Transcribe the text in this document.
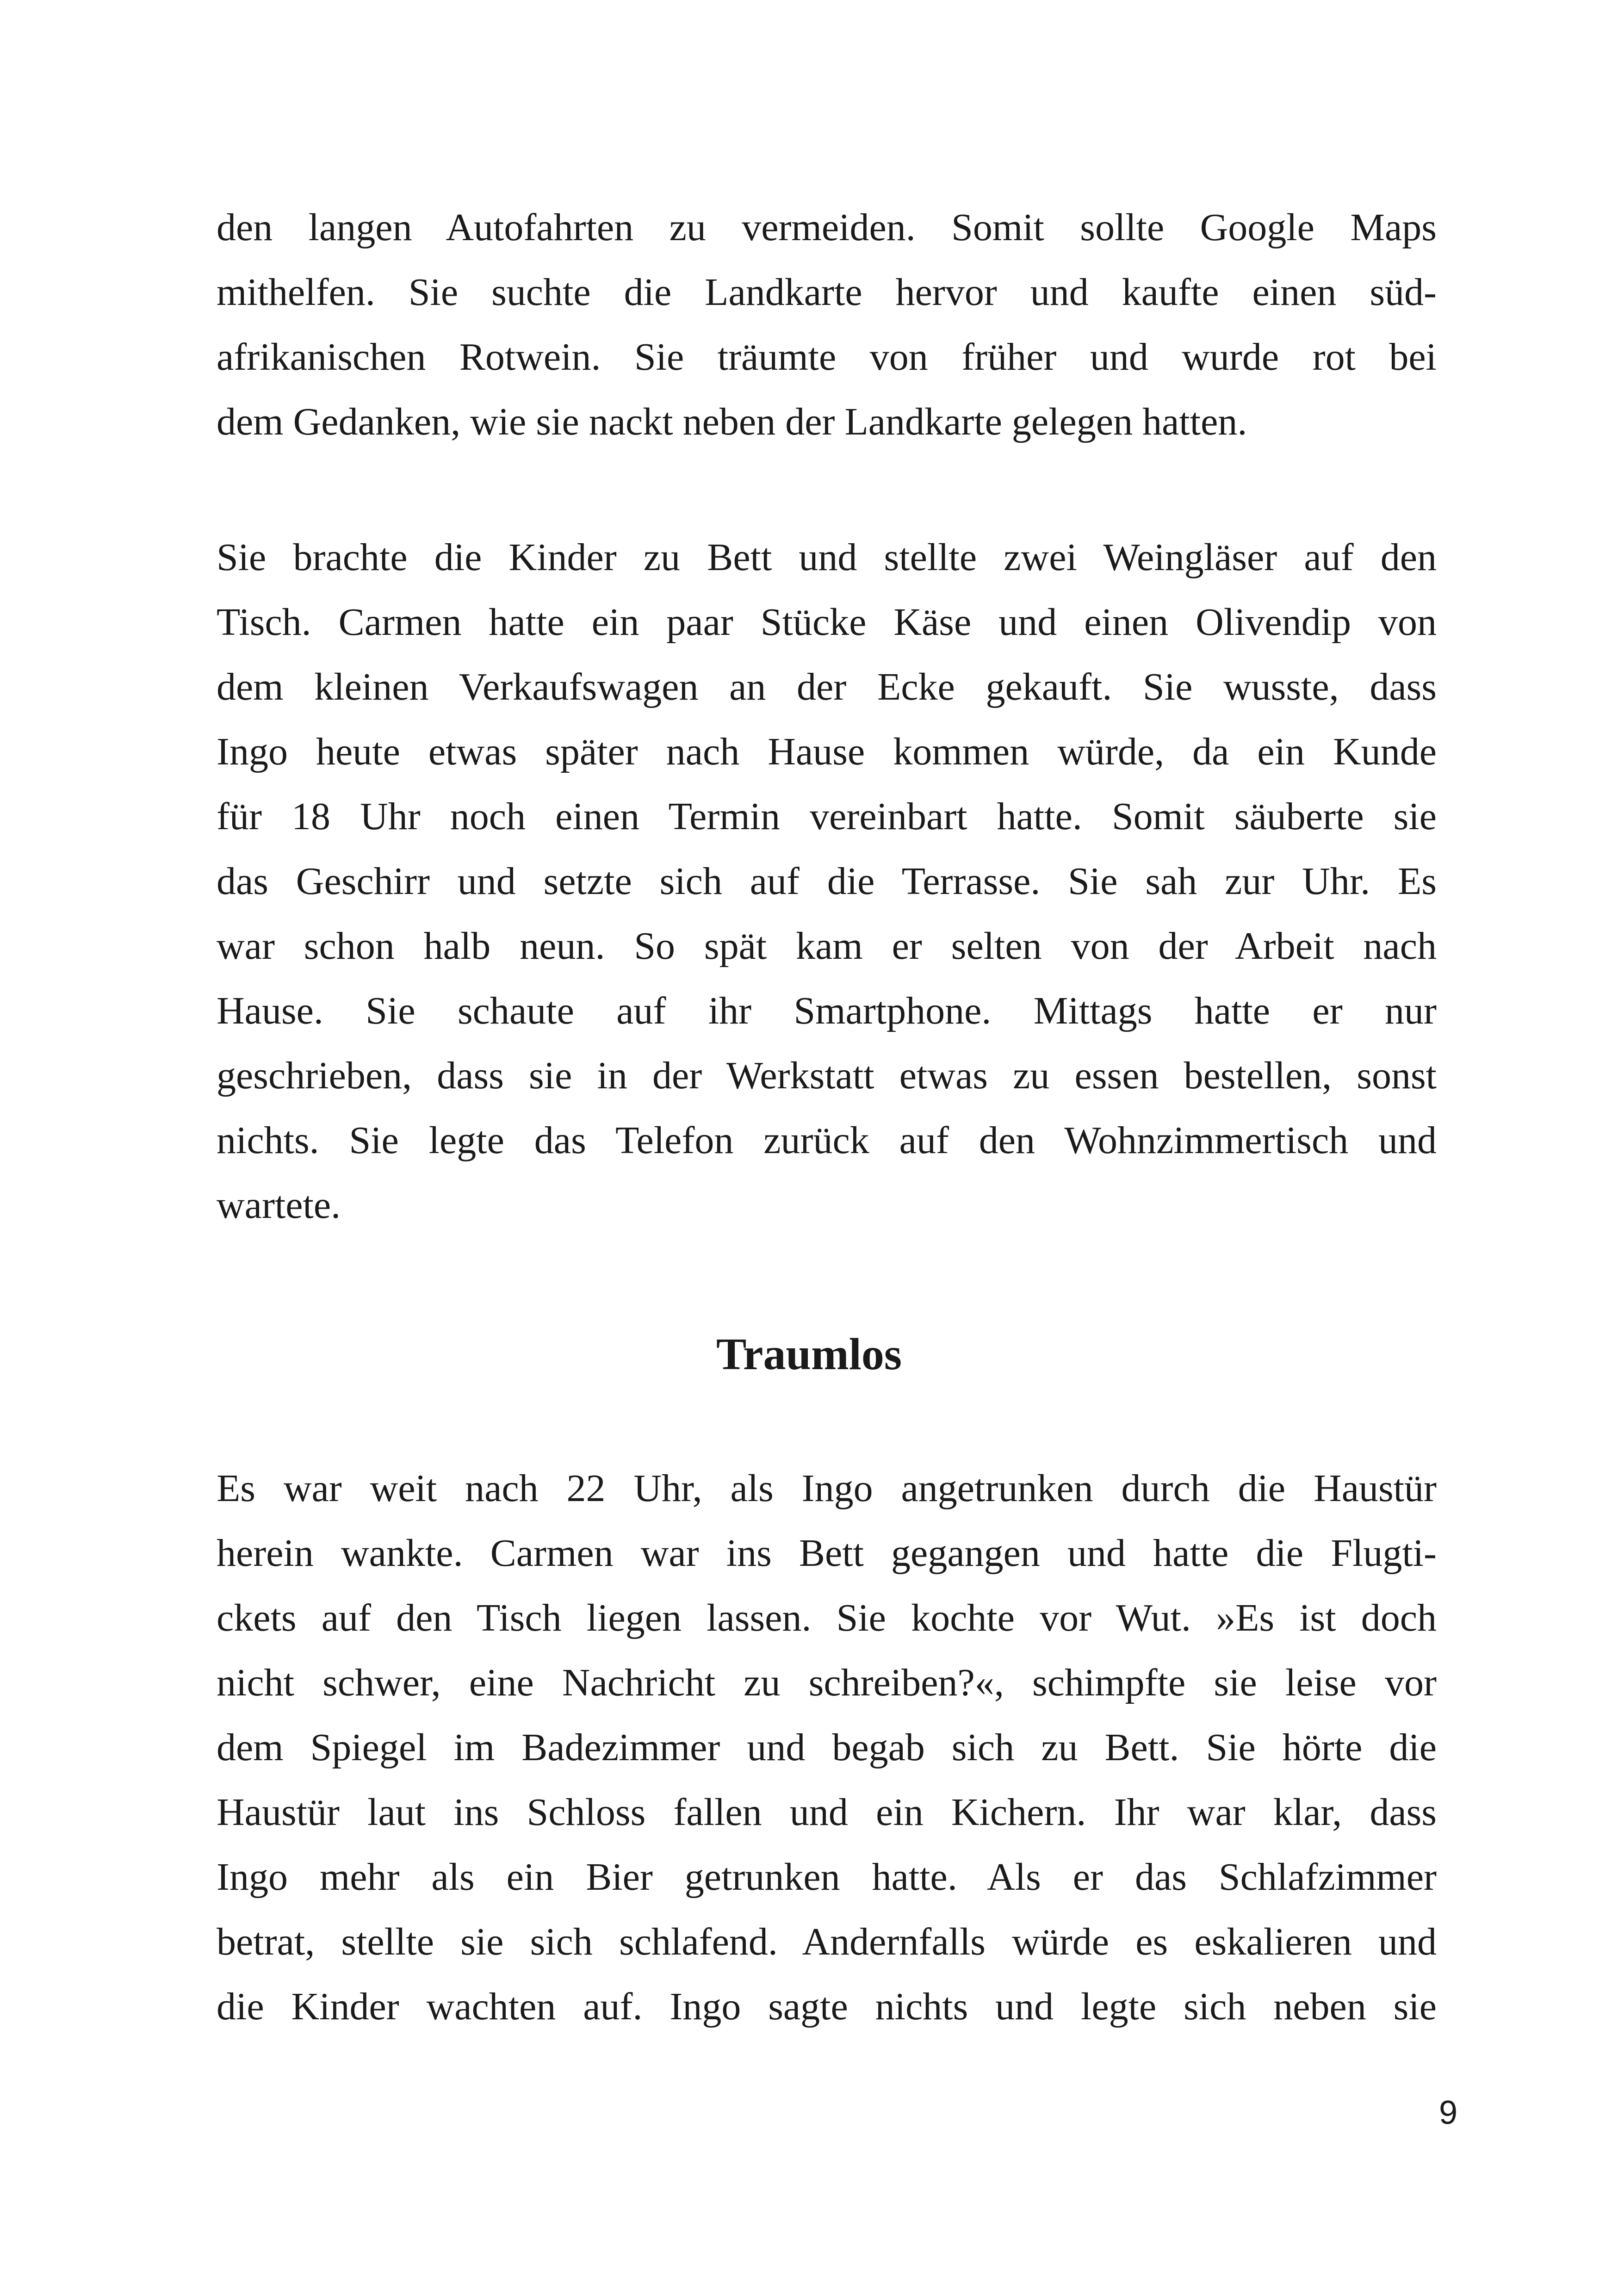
den langen Autofahrten zu vermeiden. Somit sollte Google Maps
mithelfen. Sie suchte die Landkarte hervor und kaufte einen süd-
afrikanischen Rotwein. Sie träumte von früher und wurde rot bei
dem Gedanken, wie sie nackt neben der Landkarte gelegen hatten.
Sie brachte die Kinder zu Bett und stellte zwei Weingläser auf den
Tisch. Carmen hatte ein paar Stücke Käse und einen Olivendip von
dem kleinen Verkaufswagen an der Ecke gekauft. Sie wusste, dass
Ingo heute etwas später nach Hause kommen würde, da ein Kunde
für 18 Uhr noch einen Termin vereinbart hatte. Somit säuberte sie
das Geschirr und setzte sich auf die Terrasse. Sie sah zur Uhr. Es
war schon halb neun. So spät kam er selten von der Arbeit nach
Hause. Sie schaute auf ihr Smartphone. Mittags hatte er nur
geschrieben, dass sie in der Werkstatt etwas zu essen bestellen, sonst
nichts. Sie legte das Telefon zurück auf den Wohnzimmertisch und
wartete.
Traumlos
Es war weit nach 22 Uhr, als Ingo angetrunken durch die Haustür
herein wankte. Carmen war ins Bett gegangen und hatte die Flugti-
ckets auf den Tisch liegen lassen. Sie kochte vor Wut. »Es ist doch
nicht schwer, eine Nachricht zu schreiben?«, schimpfte sie leise vor
dem Spiegel im Badezimmer und begab sich zu Bett. Sie hörte die
Haustür laut ins Schloss fallen und ein Kichern. Ihr war klar, dass
Ingo mehr als ein Bier getrunken hatte. Als er das Schlafzimmer
betrat, stellte sie sich schlafend. Andernfalls würde es eskalieren und
die Kinder wachten auf. Ingo sagte nichts und legte sich neben sie
9
